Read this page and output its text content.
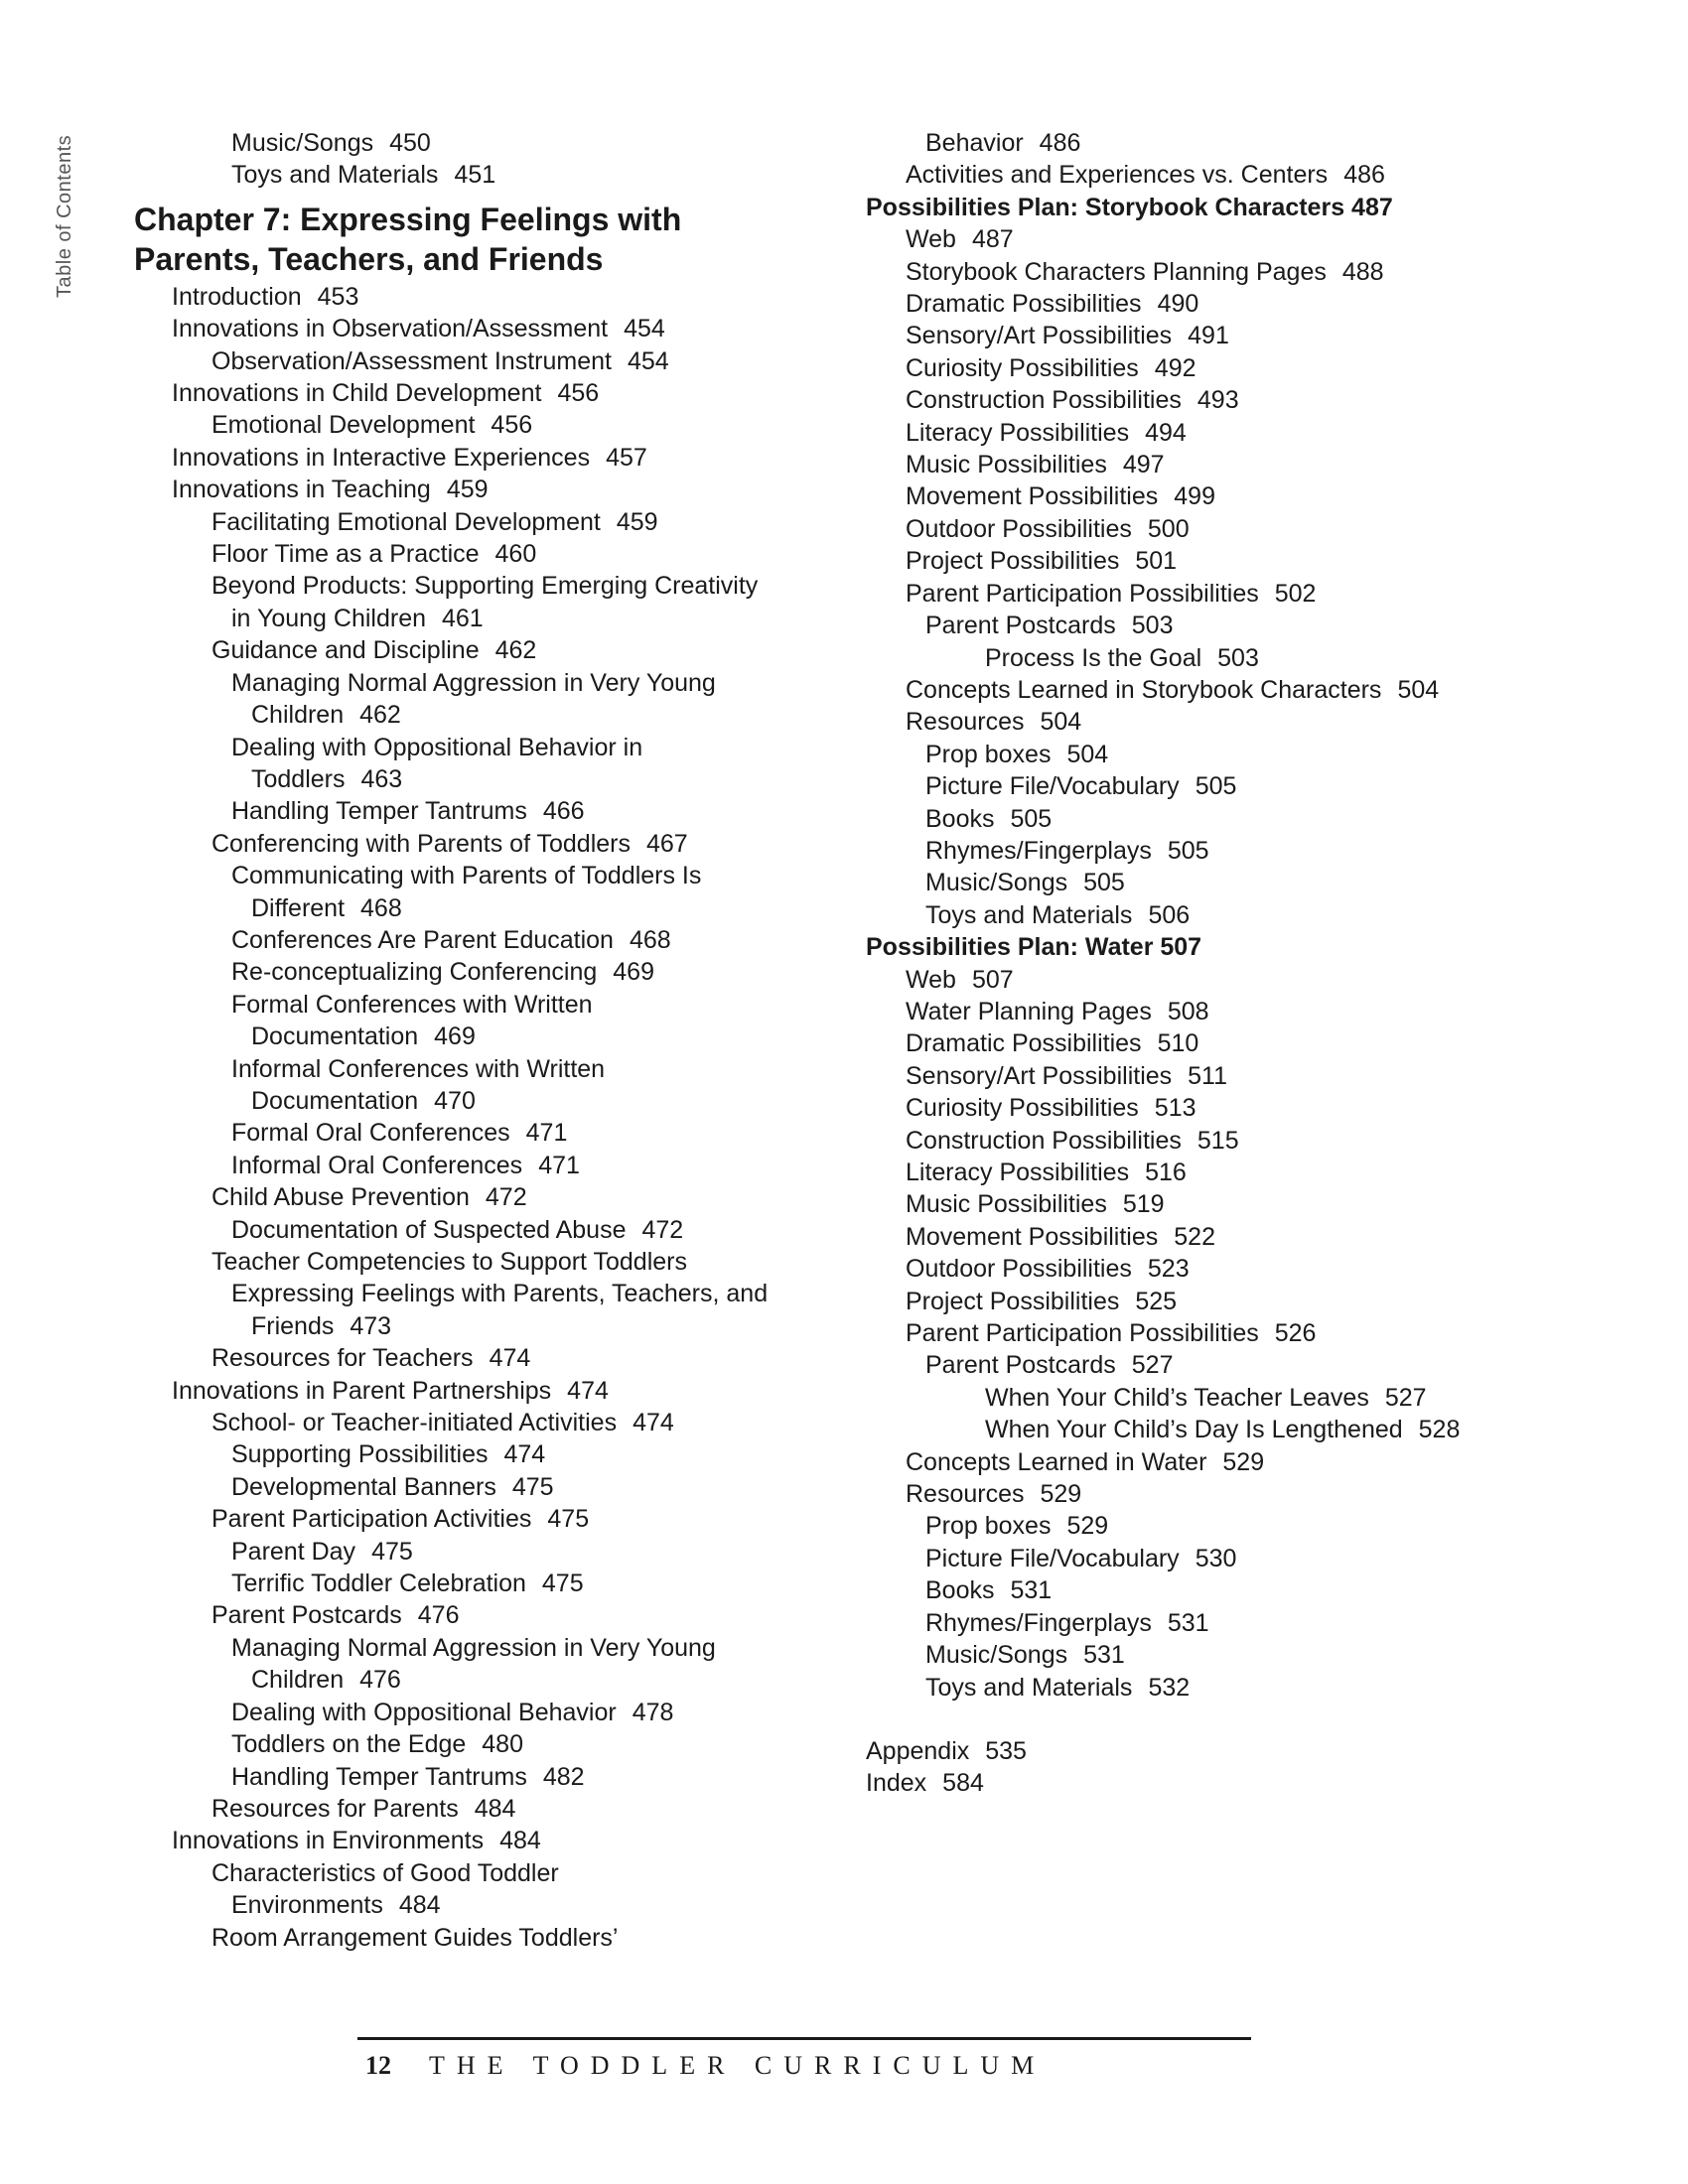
Table of Contents	Music/Songs 450
Toys and Materials 451
Chapter 7: Expressing Feelings with Parents, Teachers, and Friends
Introduction 453
Innovations in Observation/Assessment 454
Observation/Assessment Instrument 454
Innovations in Child Development 456
Emotional Development 456
Innovations in Interactive Experiences 457
Innovations in Teaching 459
Facilitating Emotional Development 459
Floor Time as a Practice 460
Beyond Products: Supporting Emerging Creativity
in Young Children 461
Guidance and Discipline 462
Managing Normal Aggression in Very Young
Children 462
Dealing with Oppositional Behavior in
Toddlers 463
Handling Temper Tantrums 466
Conferencing with Parents of Toddlers 467
Communicating with Parents of Toddlers Is
Different 468
Conferences Are Parent Education 468
Re-conceptualizing Conferencing 469
Formal Conferences with Written
Documentation 469
Informal Conferences with Written
Documentation 470
Formal Oral Conferences 471
Informal Oral Conferences 471
Child Abuse Prevention 472
Documentation of Suspected Abuse 472
Teacher Competencies to Support Toddlers
Expressing Feelings with Parents, Teachers, and
Friends 473
Resources for Teachers 474
Innovations in Parent Partnerships 474
School- or Teacher-initiated Activities 474
Supporting Possibilities 474
Developmental Banners 475
Parent Participation Activities 475
Parent Day 475
Terrific Toddler Celebration 475
Parent Postcards 476
Managing Normal Aggression in Very Young
Children 476
Dealing with Oppositional Behavior 478
Toddlers on the Edge 480
Handling Temper Tantrums 482
Resources for Parents 484
Innovations in Environments 484
Characteristics of Good Toddler
Environments 484
Room Arrangement Guides Toddlers’
Behavior 486
Activities and Experiences vs. Centers 486
Possibilities Plan: Storybook Characters 487
Web 487
Storybook Characters Planning Pages 488
Dramatic Possibilities 490
Sensory/Art Possibilities 491
Curiosity Possibilities 492
Construction Possibilities 493
Literacy Possibilities 494
Music Possibilities 497
Movement Possibilities 499
Outdoor Possibilities 500
Project Possibilities 501
Parent Participation Possibilities 502
Parent Postcards 503
Process Is the Goal 503
Concepts Learned in Storybook Characters 504
Resources 504
Prop boxes 504
Picture File/Vocabulary 505
Books 505
Rhymes/Fingerplays 505
Music/Songs 505
Toys and Materials 506
Possibilities Plan: Water 507
Web 507
Water Planning Pages 508
Dramatic Possibilities 510
Sensory/Art Possibilities 511
Curiosity Possibilities 513
Construction Possibilities 515
Literacy Possibilities 516
Music Possibilities 519
Movement Possibilities 522
Outdoor Possibilities 523
Project Possibilities 525
Parent Participation Possibilities 526
Parent Postcards 527
When Your Child’s Teacher Leaves 527
When Your Child’s Day Is Lengthened 528
Concepts Learned in Water 529
Resources 529
Prop boxes 529
Picture File/Vocabulary 530
Books 531
Rhymes/Fingerplays 531
Music/Songs 531
Toys and Materials 532
Appendix 535
Index 584
12 THE TODDLER CURRICULUM
